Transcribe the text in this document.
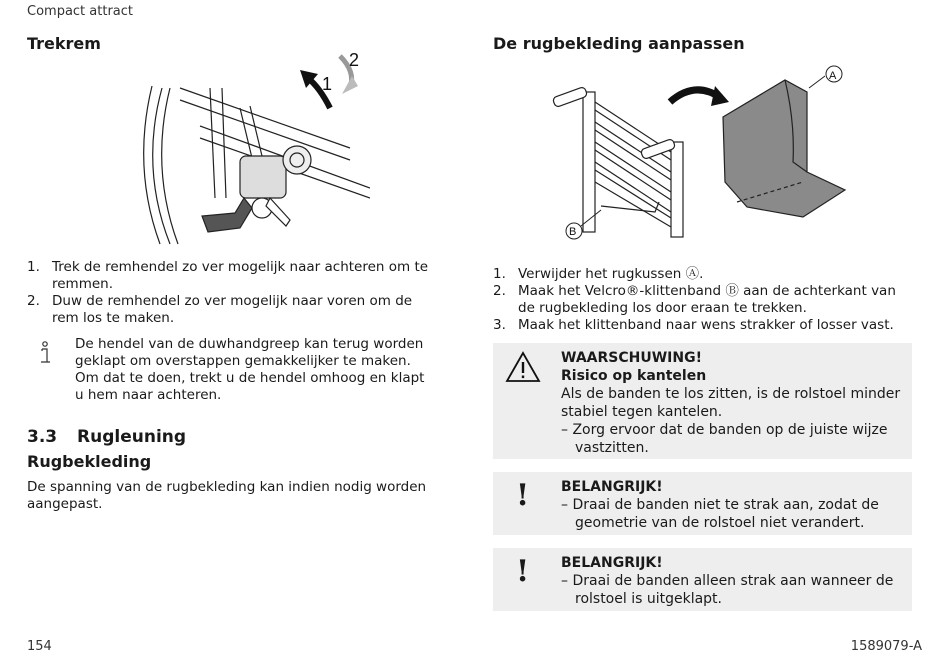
Compact attract
Trekrem
1
2
1. Trek de remhendel zo ver mogelijk naar achteren om te remmen.
2. Duw de remhendel zo ver mogelijk naar voren om de rem los te maken.
De hendel van de duwhandgreep kan terug worden geklapt om overstappen gemakkelijker te maken. Om dat te doen, trekt u de hendel omhoog en klapt u hem naar achteren.
3.3 Rugleuning
Rugbekleding
De spanning van de rugbekleding kan indien nodig worden aangepast.
De rugbekleding aanpassen
A
B
1. Verwijder het rugkussen Ⓐ.
2. Maak het Velcro®-klittenband Ⓑ aan de achterkant van de rugbekleding los door eraan te trekken.
3. Maak het klittenband naar wens strakker of losser vast.
WAARSCHUWING!
Risico op kantelen
Als de banden te los zitten, is de rolstoel minder stabiel tegen kantelen.
– Zorg ervoor dat de banden op de juiste wijze vastzitten.
! BELANGRIJK!
– Draai de banden niet te strak aan, zodat de geometrie van de rolstoel niet verandert.
! BELANGRIJK!
– Draai de banden alleen strak aan wanneer de rolstoel is uitgeklapt.
154	1589079-A
